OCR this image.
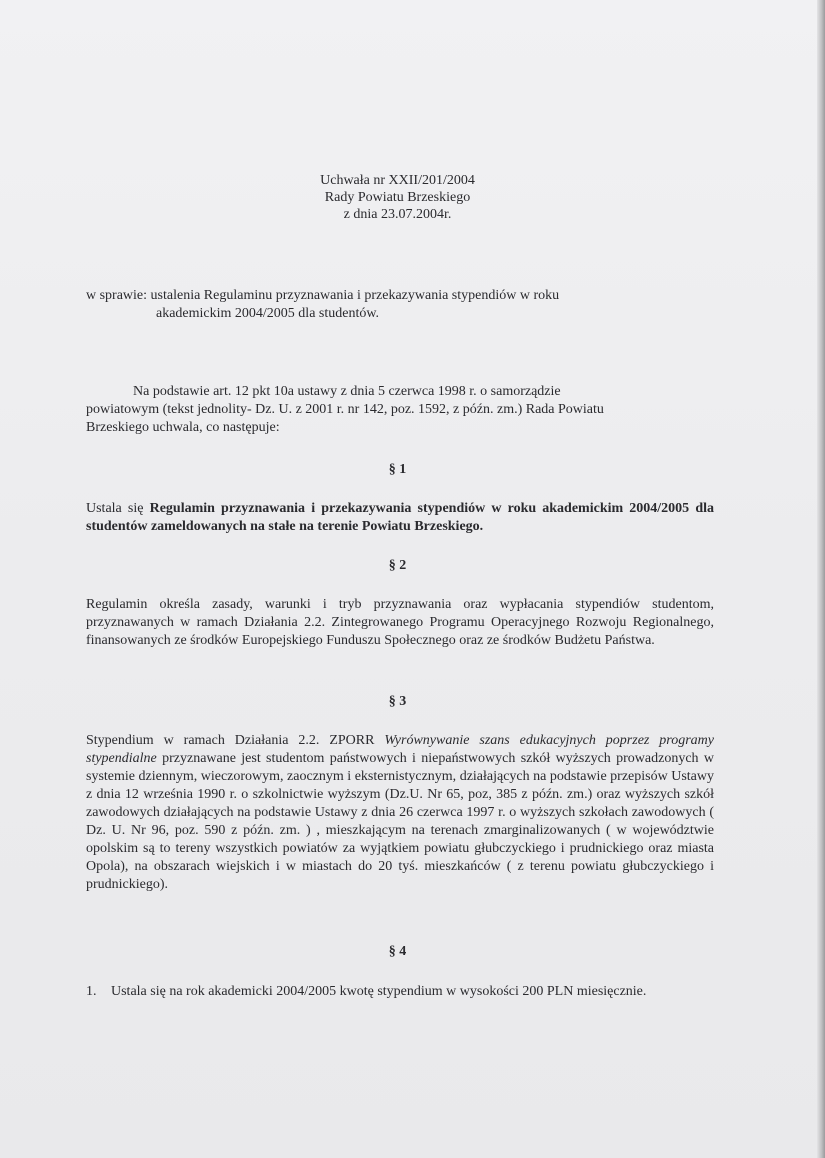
Uchwała nr XXII/201/2004
Rady Powiatu Brzeskiego
z dnia 23.07.2004r.
w sprawie: ustalenia Regulaminu przyznawania i przekazywania stypendiów w roku
akademickim 2004/2005 dla studentów.
Na podstawie art. 12 pkt 10a ustawy z dnia 5 czerwca 1998 r. o samorządzie
powiatowym (tekst jednolity- Dz. U. z 2001 r. nr 142, poz. 1592, z późn. zm.) Rada Powiatu
Brzeskiego uchwala, co następuje:
§ 1
Ustala się Regulamin przyznawania i przekazywania stypendiów w roku akademickim 2004/2005 dla studentów zameldowanych na stałe na terenie Powiatu Brzeskiego.
§ 2
Regulamin określa zasady, warunki i tryb przyznawania oraz wypłacania stypendiów studentom, przyznawanych w ramach Działania 2.2. Zintegrowanego Programu Operacyjnego Rozwoju Regionalnego, finansowanych ze środków Europejskiego Funduszu Społecznego oraz ze środków Budżetu Państwa.
§ 3
Stypendium w ramach Działania 2.2. ZPORR Wyrównywanie szans edukacyjnych poprzez programy stypendialne przyznawane jest studentom państwowych i niepaństwowych szkół wyższych prowadzonych w systemie dziennym, wieczorowym, zaocznym i eksternistycznym, działających na podstawie przepisów Ustawy z dnia 12 września 1990 r. o szkolnictwie wyższym (Dz.U. Nr 65, poz, 385 z późn. zm.) oraz wyższych szkół zawodowych działających na podstawie Ustawy z dnia 26 czerwca 1997 r. o wyższych szkołach zawodowych ( Dz. U. Nr 96, poz. 590 z późn. zm. ) , mieszkającym na terenach zmarginalizowanych ( w województwie opolskim są to tereny wszystkich powiatów za wyjątkiem powiatu głubczyckiego i prudnickiego oraz miasta Opola), na obszarach wiejskich i w miastach do 20 tyś. mieszkańców ( z terenu powiatu głubczyckiego i prudnickiego).
§ 4
1.	Ustala się na rok akademicki 2004/2005 kwotę stypendium w wysokości 200 PLN miesięcznie.
